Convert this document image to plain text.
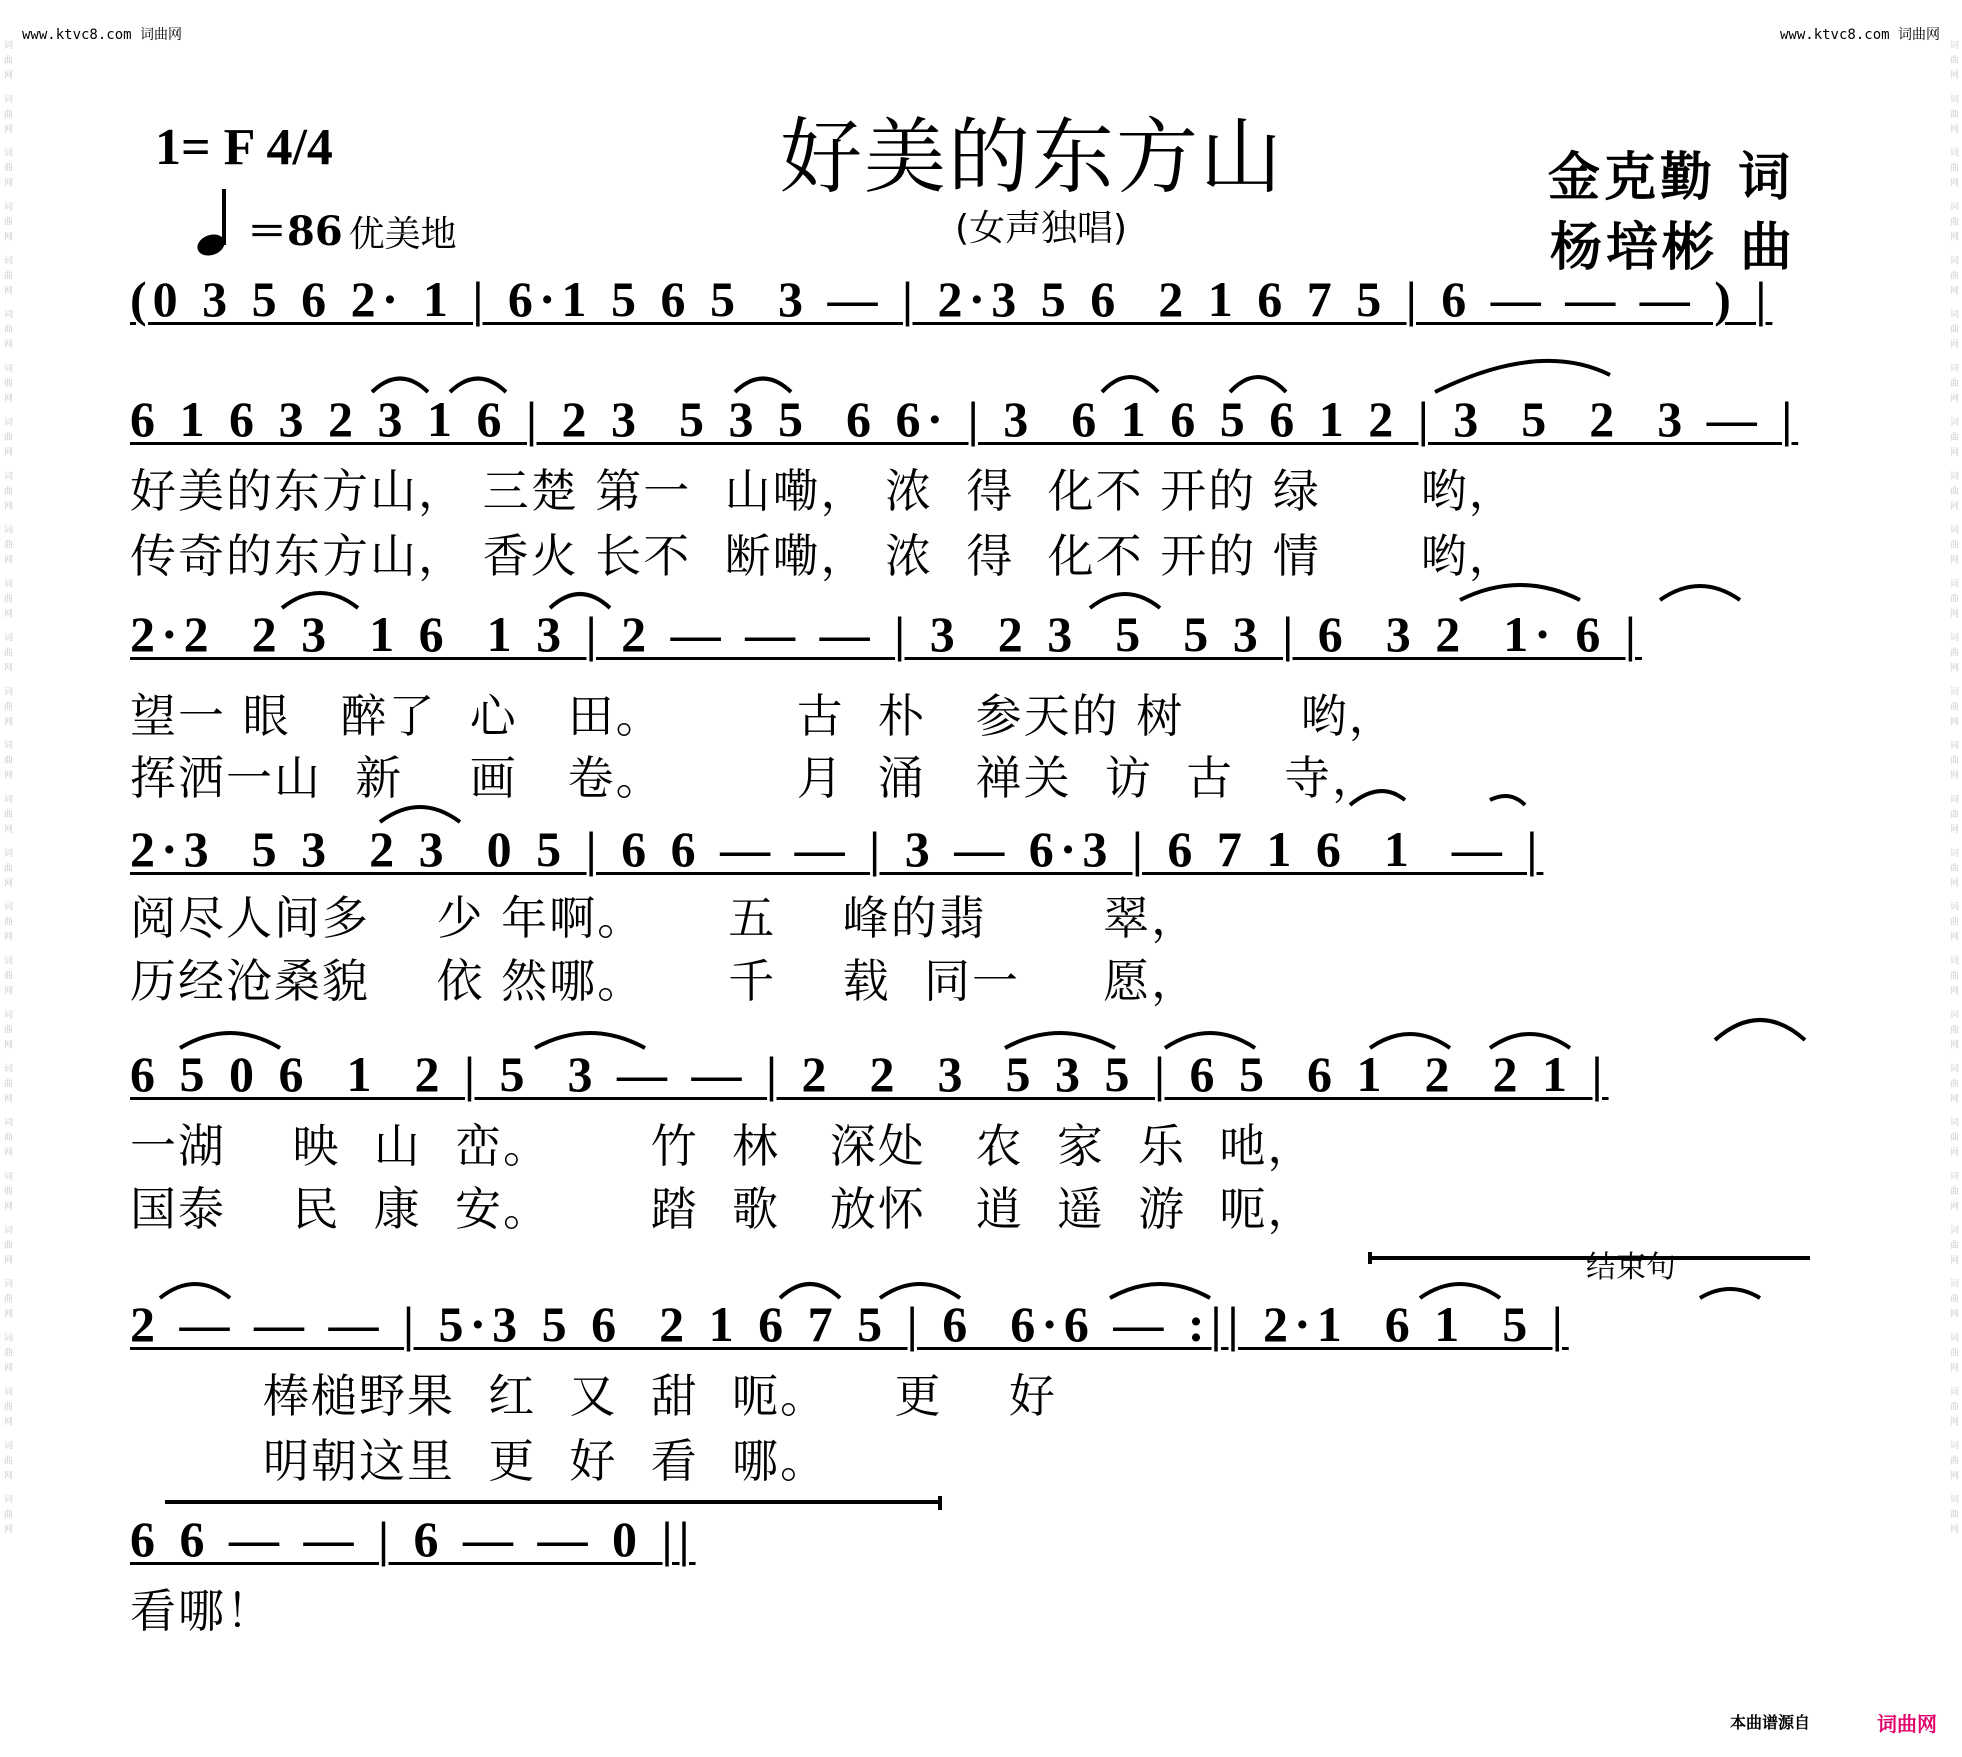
词曲网 词曲网 词曲网 词曲网 词曲网 词曲网 词曲网 词曲网 词曲网 词曲网 词曲网 词曲网 词曲网 词曲网 词曲网 词曲网 词曲网 词曲网 词曲网 词曲网 词曲网 词曲网 词曲网 词曲网 词曲网 词曲网 词曲网 词曲网	词曲网 词曲网 词曲网 词曲网 词曲网 词曲网 词曲网 词曲网 词曲网 词曲网 词曲网 词曲网 词曲网 词曲网 词曲网 词曲网 词曲网 词曲网 词曲网 词曲网 词曲网 词曲网 词曲网 词曲网 词曲网 词曲网 词曲网 词曲网
www.ktvc8.com 词曲网	www.ktvc8.com 词曲网
1= F 4/4
＝86 优美地
好美的东方山
(女声独唱)
金克勤 词
杨培彬 曲
(0 3 5 6 2· 1 | 6·1 5 6 5  3 — | 2·3 5 6  2 1 6 7 5 | 6 — — — ) |
6 1 6 3 2 3 1 6 | 2 3  5 3 5  6 6· | 3  6 1 6 5 6 1 2 | 3  5  2  3 — |
好美的东方山， 三楚 第一  山嘞， 浓  得  化不 开的 绿      哟，
传奇的东方山， 香火 长不  断嘞， 浓  得  化不 开的 情      哟，
2·2  2 3  1 6  1 3 | 2 — — — | 3  2 3  5  5 3 | 6  3 2  1· 6 |
望一 眼   醉了  心   田。        古  朴   参天的 树       哟，
挥洒一山  新    画   卷。        月  涌   禅关  访  古   寺，
2·3  5 3  2 3  0 5 | 6 6 — — | 3 — 6·3 | 6 7 1 6  1  — |
阅尽人间多    少 年啊。     五    峰的翡       翠，
历经沧桑貌    依 然哪。     千    载  同一     愿，
6 5 0 6  1  2 | 5  3 — — | 2  2  3  5 3 5 | 6 5  6 1  2  2 1 |
一湖    映  山  峦。      竹  林   深处   农  家  乐  吔，
国泰    民  康  安。      踏  歌   放怀   逍  遥  游  呃，
结束句
2 — — — | 5·3 5 6  2 1 6 7 5 | 6  6·6 — :|| 2·1  6 1  5 |
棒槌野果  红  又  甜  呃。    更    好
明朝这里  更  好  看  哪。
6 6 — — | 6 — — 0 ||
看哪！
本曲谱源自	词曲网
